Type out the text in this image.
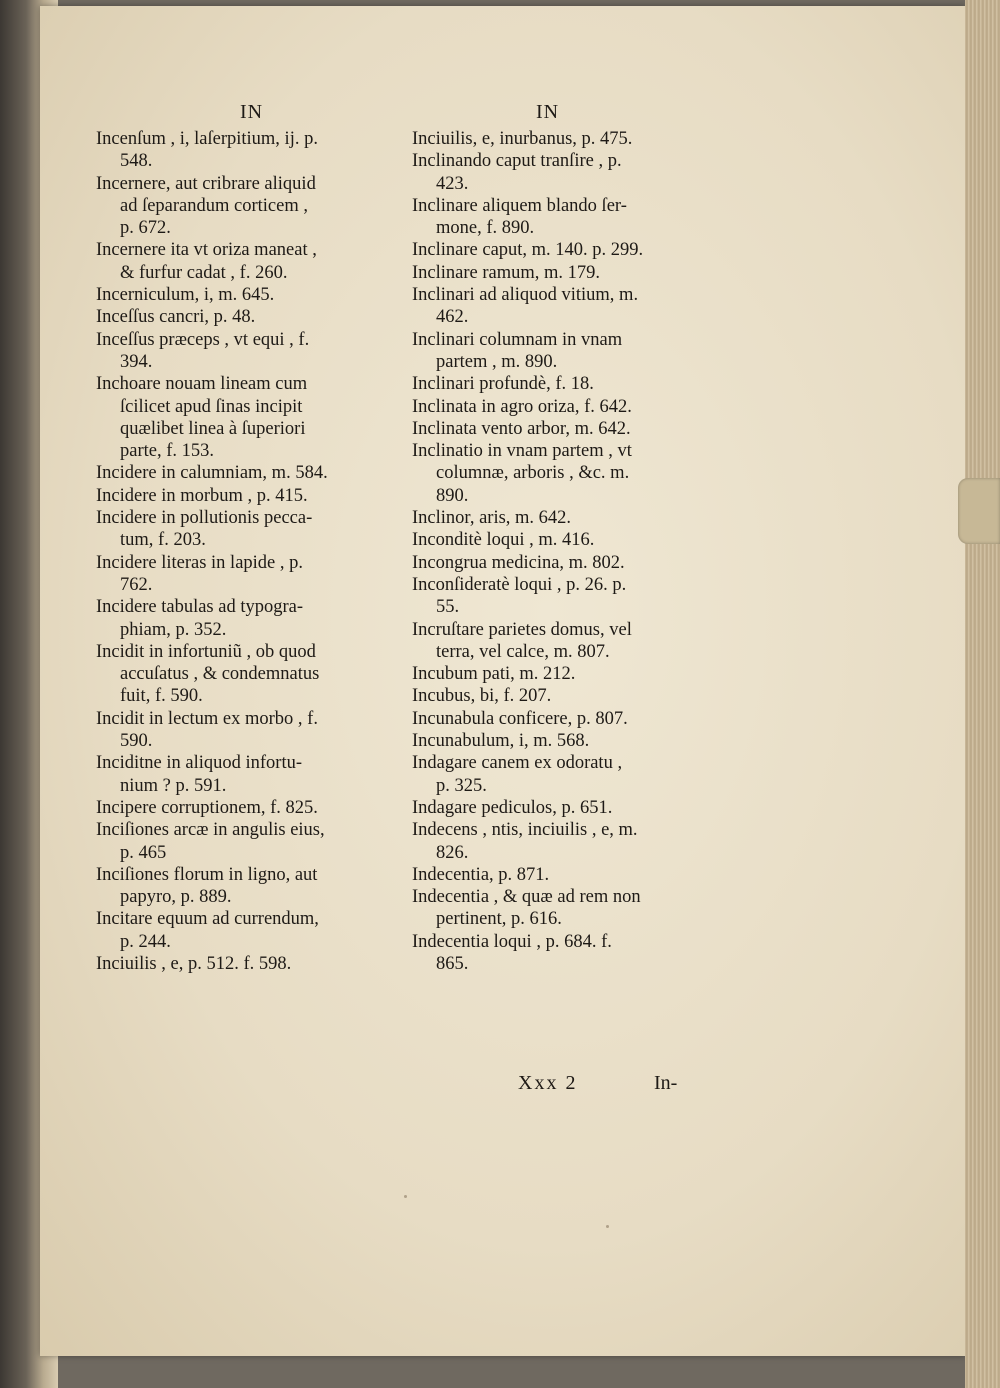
IN	IN
Incenſum , i, laſerpitium, ij. p.
548.
Incernere, aut cribrare aliquid
ad ſeparandum corticem ,
p. 672.
Incernere ita vt oriza maneat ,
& furfur cadat , f. 260.
Incerniculum, i, m. 645.
Inceſſus cancri, p. 48.
Inceſſus præceps , vt equi , f.
394.
Inchoare nouam lineam cum
ſcilicet apud ſinas incipit
quælibet linea à ſuperiori
parte, f. 153.
Incidere in calumniam, m. 584.
Incidere in morbum , p. 415.
Incidere in pollutionis pecca-
tum, f. 203.
Incidere literas in lapide , p.
762.
Incidere tabulas ad typogra-
phiam, p. 352.
Incidit in infortuniũ , ob quod
accuſatus , & condemnatus
fuit, f. 590.
Incidit in lectum ex morbo , f.
590.
Inciditne in aliquod infortu-
nium ? p. 591.
Incipere corruptionem, f. 825.
Inciſiones arcæ in angulis eius,
p. 465
Inciſiones florum in ligno, aut
papyro, p. 889.
Incitare equum ad currendum,
p. 244.
Inciuilis , e, p. 512. f. 598.
Inciuilis, e, inurbanus, p. 475.
Inclinando caput tranſire , p.
423.
Inclinare aliquem blando ſer-
mone, f. 890.
Inclinare caput, m. 140. p. 299.
Inclinare ramum, m. 179.
Inclinari ad aliquod vitium, m.
462.
Inclinari columnam in vnam
partem , m. 890.
Inclinari profundè, f. 18.
Inclinata in agro oriza, f. 642.
Inclinata vento arbor, m. 642.
Inclinatio in vnam partem , vt
columnæ, arboris , &c. m.
890.
Inclinor, aris, m. 642.
Inconditè loqui , m. 416.
Incongrua medicina, m. 802.
Inconſideratè loqui , p. 26. p.
55.
Incruſtare parietes domus, vel
terra, vel calce, m. 807.
Incubum pati, m. 212.
Incubus, bi, f. 207.
Incunabula conficere, p. 807.
Incunabulum, i, m. 568.
Indagare canem ex odoratu ,
p. 325.
Indagare pediculos, p. 651.
Indecens , ntis, inciuilis , e, m.
826.
Indecentia, p. 871.
Indecentia , & quæ ad rem non
pertinent, p. 616.
Indecentia loqui , p. 684. f.
865.
Xxx 2	In-
